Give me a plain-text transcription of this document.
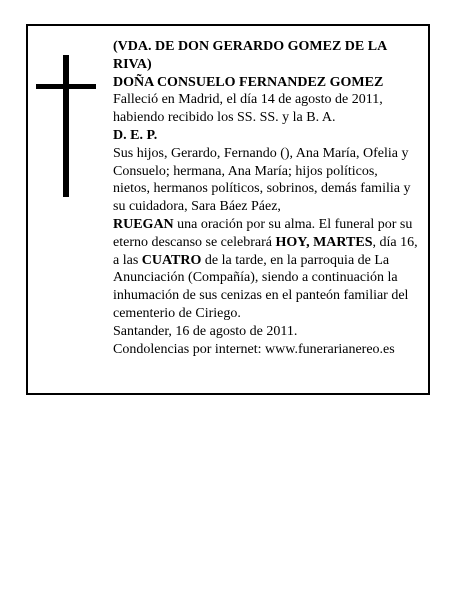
(VDA. DE DON GERARDO GOMEZ DE LA RIVA)

DOÑA CONSUELO FERNANDEZ GOMEZ

Falleció en Madrid, el día 14 de agosto de 2011, habiendo recibido los SS. SS. y la B. A.

D. E. P.

Sus hijos, Gerardo, Fernando (), Ana María, Ofelia y Consuelo; hermana, Ana María; hijos políticos, nietos, hermanos políticos, sobrinos, demás familia y su cuidadora, Sara Báez Páez,

RUEGAN una oración por su alma. El funeral por su eterno descanso se celebrará HOY, MARTES, día 16, a las CUATRO de la tarde, en la parroquia de La Anunciación (Compañía), siendo a continuación la inhumación de sus cenizas en el panteón familiar del cementerio de Ciriego.

Santander, 16 de agosto de 2011.

Condolencias por internet: www.funerarianereo.es
